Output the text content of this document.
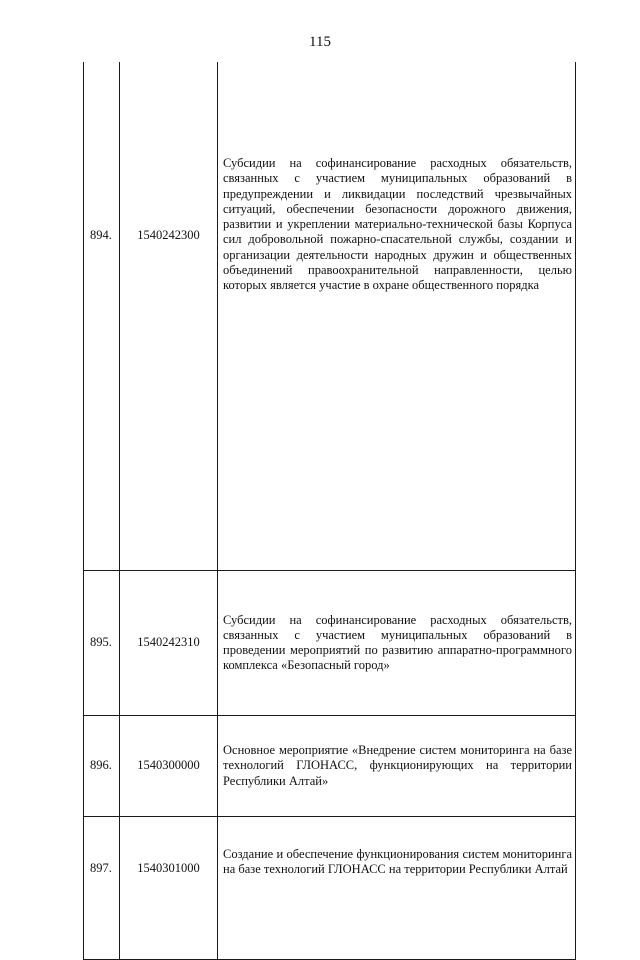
115
894.	1540242300	Субсидии на софинансирование расходных обязательств, связанных с участием муниципальных образований в предупреждении и ликвидации последствий чрезвычайных ситуаций, обеспечении безопасности дорожного движения, развитии и укреплении материально-технической базы Корпуса сил добровольной пожарно-спасательной службы, создании и организации деятельности народных дружин и общественных объединений правоохранительной направленности, целью которых является участие в охране общественного порядка
895.	1540242310	Субсидии на софинансирование расходных обязательств, связанных с участием муниципальных образований в проведении мероприятий по развитию аппаратно-программного комплекса «Безопасный город»
896.	1540300000	Основное мероприятие «Внедрение систем мониторинга на базе технологий ГЛОНАСС, функционирующих на территории Республики Алтай»
897.	1540301000	Создание и обеспечение функционирования систем мониторинга на базе технологий ГЛОНАСС на территории Республики Алтай
